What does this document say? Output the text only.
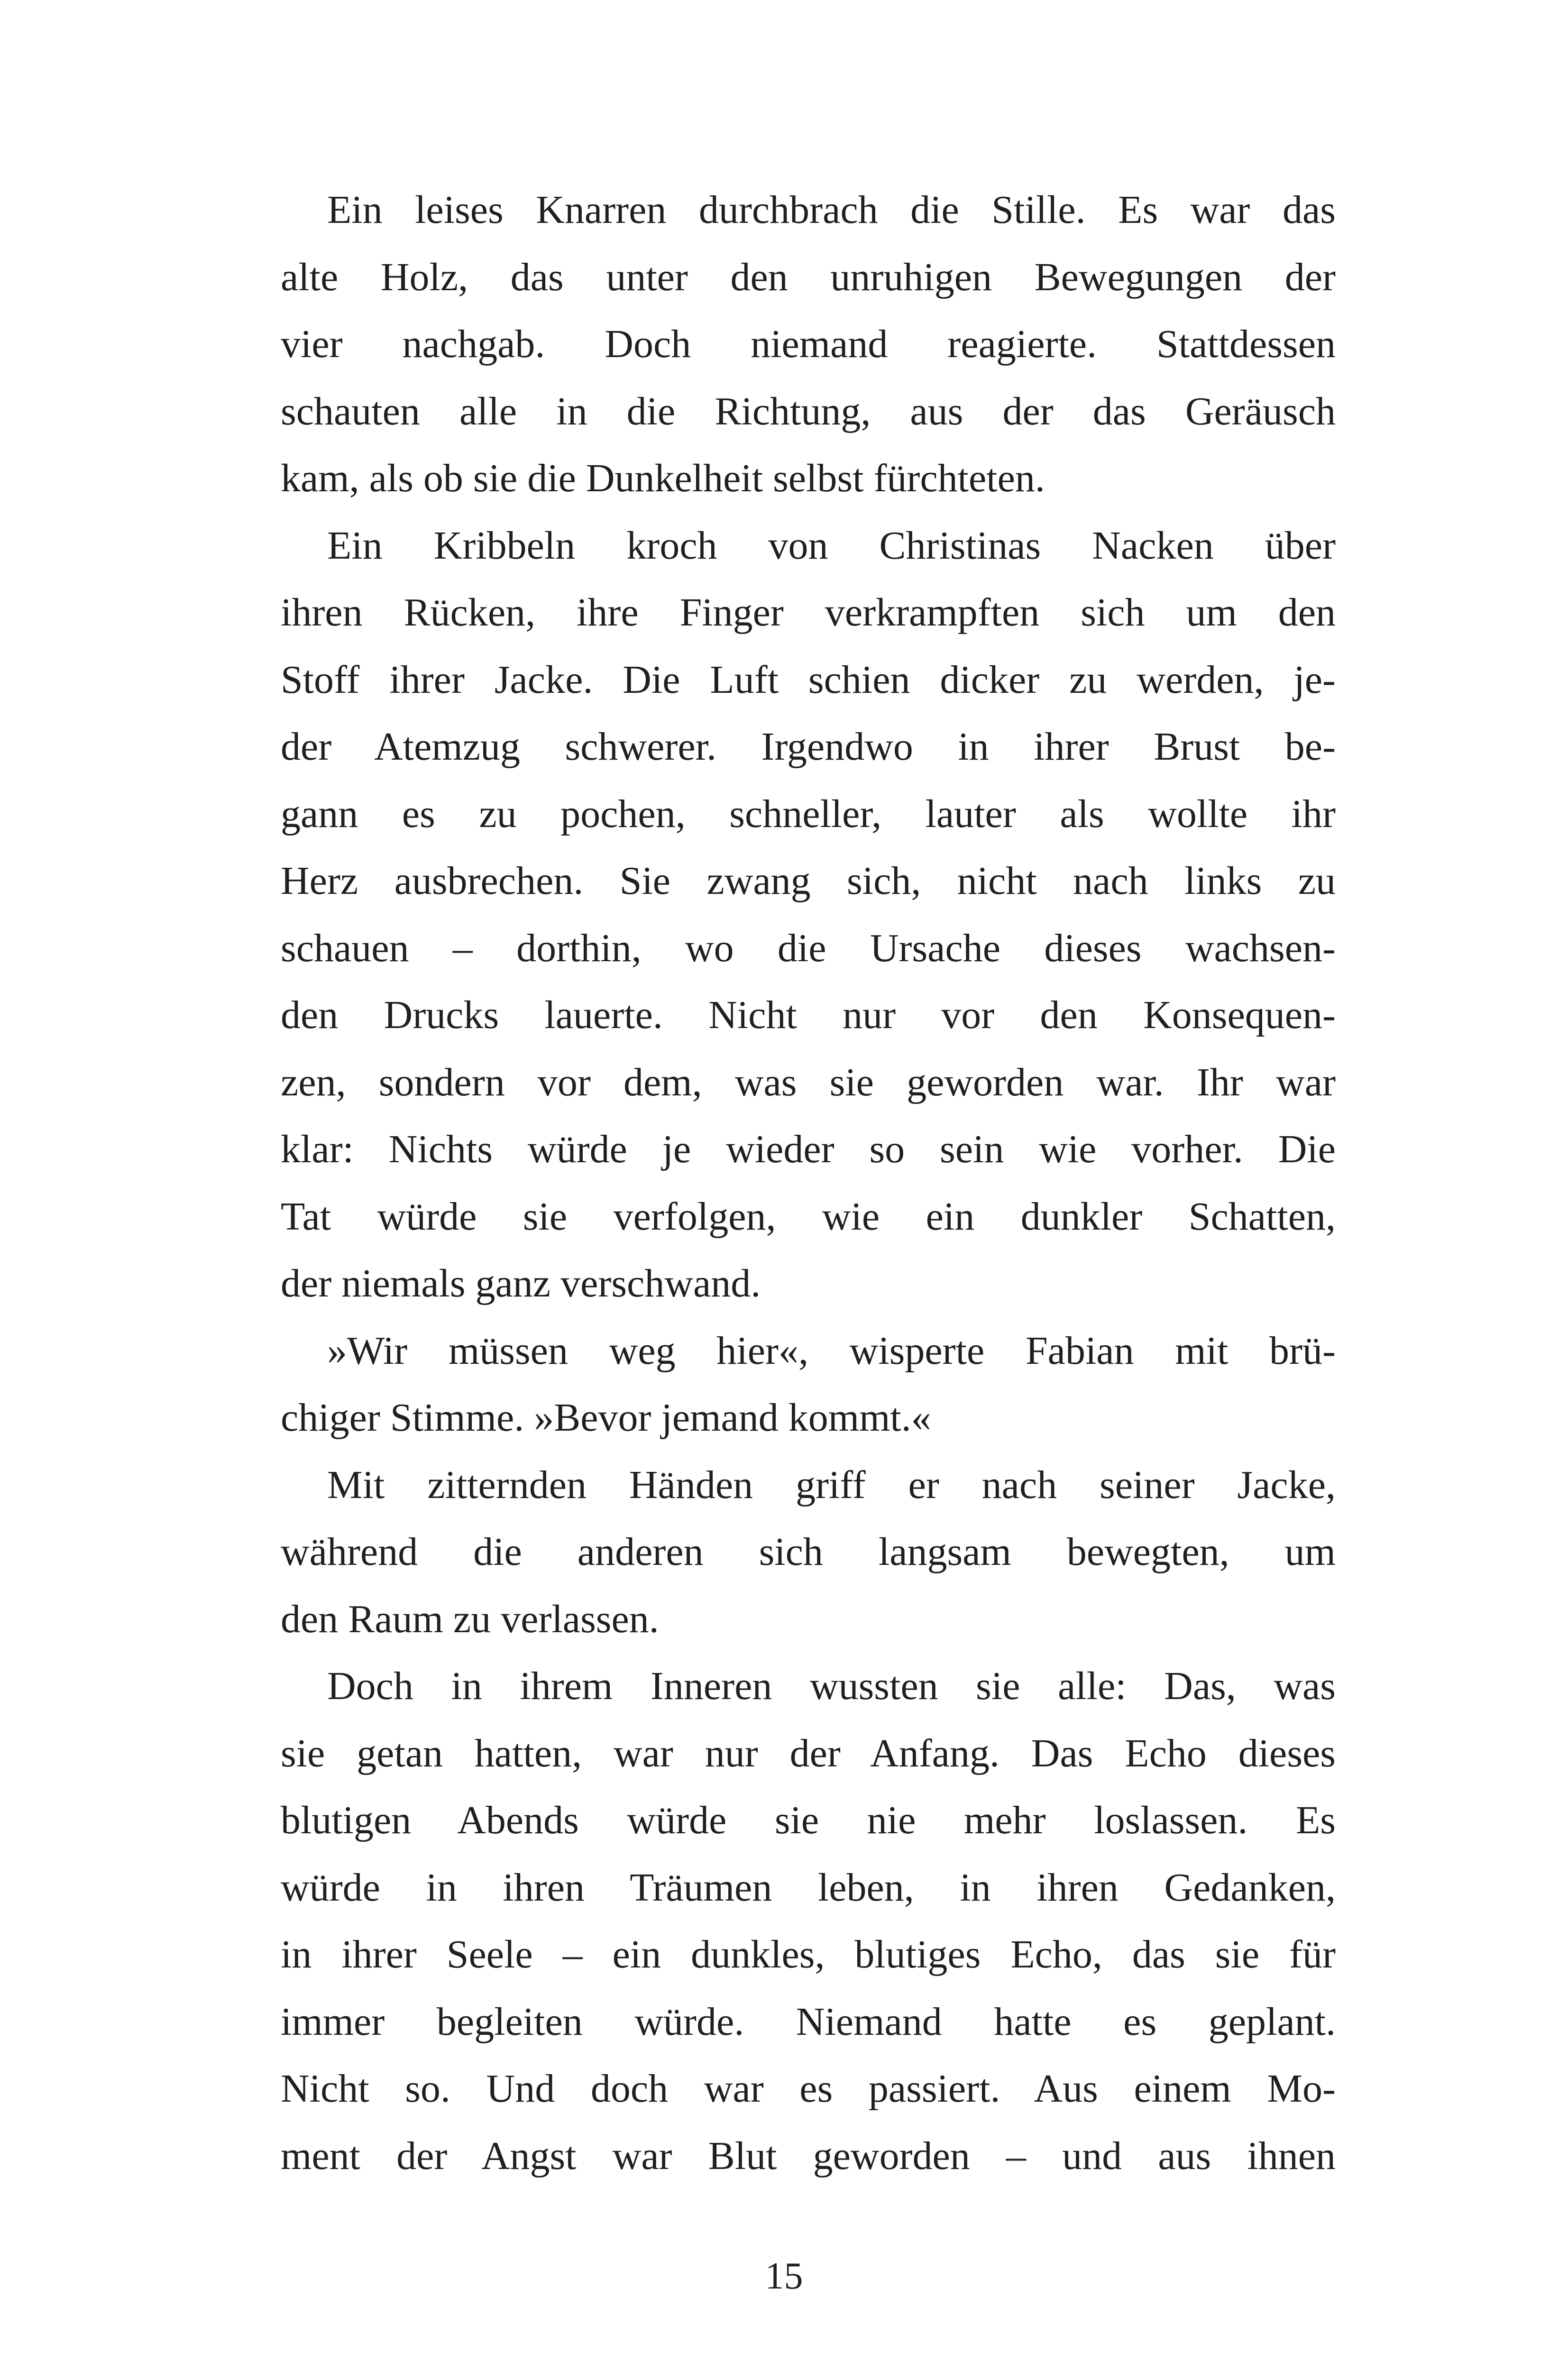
Ein leises Knarren durchbrach die Stille. Es war das
alte Holz, das unter den unruhigen Bewegungen der
vier nachgab. Doch niemand reagierte. Stattdessen
schauten alle in die Richtung, aus der das Geräusch
kam, als ob sie die Dunkelheit selbst fürchteten.
Ein Kribbeln kroch von Christinas Nacken über
ihren Rücken, ihre Finger verkrampften sich um den
Stoff ihrer Jacke. Die Luft schien dicker zu werden, je-
der Atemzug schwerer. Irgendwo in ihrer Brust be-
gann es zu pochen, schneller, lauter als wollte ihr
Herz ausbrechen. Sie zwang sich, nicht nach links zu
schauen – dorthin, wo die Ursache dieses wachsen-
den Drucks lauerte. Nicht nur vor den Konsequen-
zen, sondern vor dem, was sie geworden war. Ihr war
klar: Nichts würde je wieder so sein wie vorher. Die
Tat würde sie verfolgen, wie ein dunkler Schatten,
der niemals ganz verschwand.
»Wir müssen weg hier«, wisperte Fabian mit brü-
chiger Stimme. »Bevor jemand kommt.«
Mit zitternden Händen griff er nach seiner Jacke,
während die anderen sich langsam bewegten, um
den Raum zu verlassen.
Doch in ihrem Inneren wussten sie alle: Das, was
sie getan hatten, war nur der Anfang. Das Echo dieses
blutigen Abends würde sie nie mehr loslassen. Es
würde in ihren Träumen leben, in ihren Gedanken,
in ihrer Seele – ein dunkles, blutiges Echo, das sie für
immer begleiten würde. Niemand hatte es geplant.
Nicht so. Und doch war es passiert. Aus einem Mo-
ment der Angst war Blut geworden – und aus ihnen
15
